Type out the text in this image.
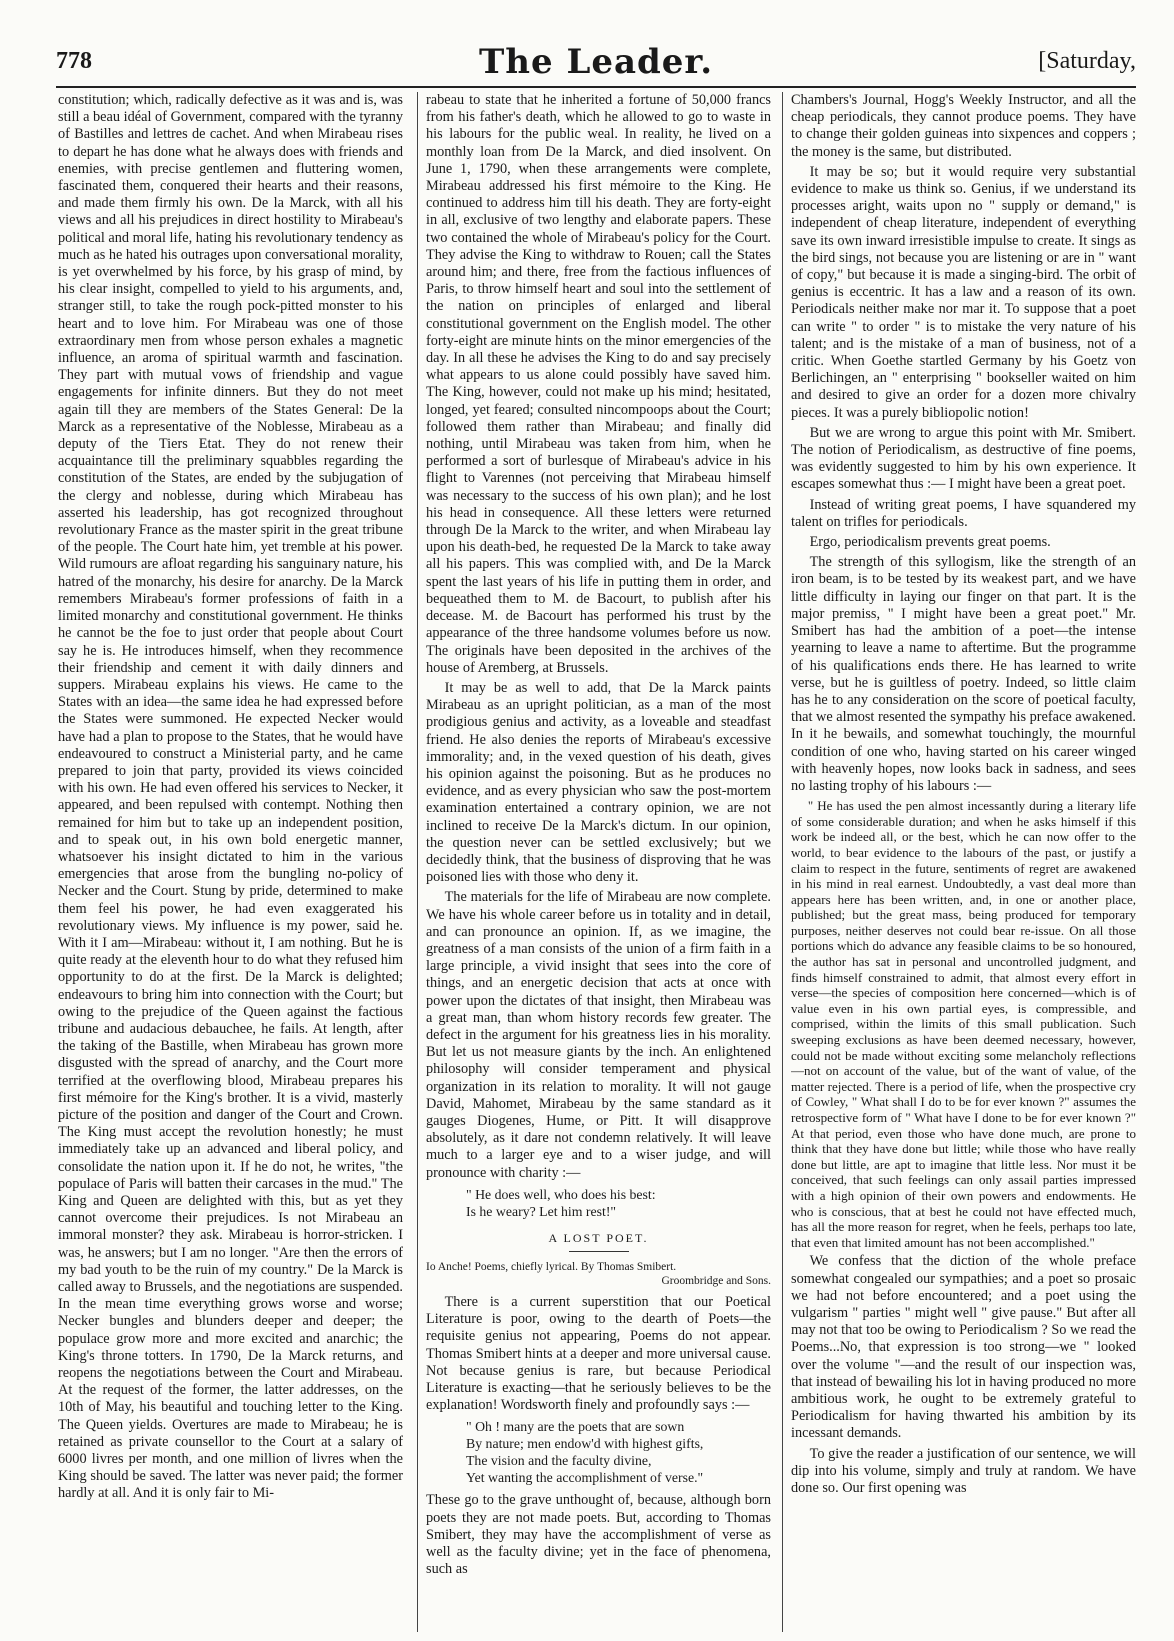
778	The Leader.	[Saturday,

constitution; which, radically defective as it was and is, was still a beau idéal of Government, compared with the tyranny of Bastilles and lettres de cachet. And when Mirabeau rises to depart he has done what he always does with friends and enemies, with precise gentlemen and fluttering women, fascinated them, conquered their hearts and their reasons, and made them firmly his own. De la Marck, with all his views and all his prejudices in direct hostility to Mirabeau's political and moral life, hating his revolutionary tendency as much as he hated his outrages upon conversational morality, is yet overwhelmed by his force, by his grasp of mind, by his clear insight, compelled to yield to his arguments, and, stranger still, to take the rough pock-pitted monster to his heart and to love him. For Mirabeau was one of those extraordinary men from whose person exhales a magnetic influence, an aroma of spiritual warmth and fascination. They part with mutual vows of friendship and vague engagements for infinite dinners. But they do not meet again till they are members of the States General: De la Marck as a representative of the Noblesse, Mirabeau as a deputy of the Tiers Etat. They do not renew their acquaintance till the preliminary squabbles regarding the constitution of the States, are ended by the subjugation of the clergy and noblesse, during which Mirabeau has asserted his leadership, has got recognized throughout revolutionary France as the master spirit in the great tribune of the people. The Court hate him, yet tremble at his power. Wild rumours are afloat regarding his sanguinary nature, his hatred of the monarchy, his desire for anarchy. De la Marck remembers Mirabeau's former professions of faith in a limited monarchy and constitutional government. He thinks he cannot be the foe to just order that people about Court say he is. He introduces himself, when they recommence their friendship and cement it with daily dinners and suppers. Mirabeau explains his views. He came to the States with an idea—the same idea he had expressed before the States were summoned. He expected Necker would have had a plan to propose to the States, that he would have endeavoured to construct a Ministerial party, and he came prepared to join that party, provided its views coincided with his own. He had even offered his services to Necker, it appeared, and been repulsed with contempt. Nothing then remained for him but to take up an independent position, and to speak out, in his own bold energetic manner, whatsoever his insight dictated to him in the various emergencies that arose from the bungling no-policy of Necker and the Court. Stung by pride, determined to make them feel his power, he had even exaggerated his revolutionary views. My influence is my power, said he. With it I am—Mirabeau: without it, I am nothing. But he is quite ready at the eleventh hour to do what they refused him opportunity to do at the first. De la Marck is delighted; endeavours to bring him into connection with the Court; but owing to the prejudice of the Queen against the factious tribune and audacious debauchee, he fails. At length, after the taking of the Bastille, when Mirabeau has grown more disgusted with the spread of anarchy, and the Court more terrified at the overflowing blood, Mirabeau prepares his first mémoire for the King's brother. It is a vivid, masterly picture of the position and danger of the Court and Crown. The King must accept the revolution honestly; he must immediately take up an advanced and liberal policy, and consolidate the nation upon it. If he do not, he writes, "the populace of Paris will batten their carcases in the mud." The King and Queen are delighted with this, but as yet they cannot overcome their prejudices. Is not Mirabeau an immoral monster? they ask. Mirabeau is horror-stricken. I was, he answers; but I am no longer. "Are then the errors of my bad youth to be the ruin of my country." De la Marck is called away to Brussels, and the negotiations are suspended. In the mean time everything grows worse and worse; Necker bungles and blunders deeper and deeper; the populace grow more and more excited and anarchic; the King's throne totters. In 1790, De la Marck returns, and reopens the negotiations between the Court and Mirabeau. At the request of the former, the latter addresses, on the 10th of May, his beautiful and touching letter to the King. The Queen yields. Overtures are made to Mirabeau; he is retained as private counsellor to the Court at a salary of 6000 livres per month, and one million of livres when the King should be saved. The latter was never paid; the former hardly at all. And it is only fair to Mi-

rabeau to state that he inherited a fortune of 50,000 francs from his father's death, which he allowed to go to waste in his labours for the public weal. In reality, he lived on a monthly loan from De la Marck, and died insolvent. On June 1, 1790, when these arrangements were complete, Mirabeau addressed his first mémoire to the King. He continued to address him till his death. They are forty-eight in all, exclusive of two lengthy and elaborate papers. These two contained the whole of Mirabeau's policy for the Court. They advise the King to withdraw to Rouen; call the States around him; and there, free from the factious influences of Paris, to throw himself heart and soul into the settlement of the nation on principles of enlarged and liberal constitutional government on the English model. The other forty-eight are minute hints on the minor emergencies of the day. In all these he advises the King to do and say precisely what appears to us alone could possibly have saved him. The King, however, could not make up his mind; hesitated, longed, yet feared; consulted nincompoops about the Court; followed them rather than Mirabeau; and finally did nothing, until Mirabeau was taken from him, when he performed a sort of burlesque of Mirabeau's advice in his flight to Varennes (not perceiving that Mirabeau himself was necessary to the success of his own plan); and he lost his head in consequence. All these letters were returned through De la Marck to the writer, and when Mirabeau lay upon his death-bed, he requested De la Marck to take away all his papers. This was complied with, and De la Marck spent the last years of his life in putting them in order, and bequeathed them to M. de Bacourt, to publish after his decease. M. de Bacourt has performed his trust by the appearance of the three handsome volumes before us now. The originals have been deposited in the archives of the house of Aremberg, at Brussels.

It may be as well to add, that De la Marck paints Mirabeau as an upright politician, as a man of the most prodigious genius and activity, as a loveable and steadfast friend. He also denies the reports of Mirabeau's excessive immorality; and, in the vexed question of his death, gives his opinion against the poisoning. But as he produces no evidence, and as every physician who saw the post-mortem examination entertained a contrary opinion, we are not inclined to receive De la Marck's dictum. In our opinion, the question never can be settled exclusively; but we decidedly think, that the business of disproving that he was poisoned lies with those who deny it.

The materials for the life of Mirabeau are now complete. We have his whole career before us in totality and in detail, and can pronounce an opinion. If, as we imagine, the greatness of a man consists of the union of a firm faith in a large principle, a vivid insight that sees into the core of things, and an energetic decision that acts at once with power upon the dictates of that insight, then Mirabeau was a great man, than whom history records few greater. The defect in the argument for his greatness lies in his morality. But let us not measure giants by the inch. An enlightened philosophy will consider temperament and physical organization in its relation to morality. It will not gauge David, Mahomet, Mirabeau by the same standard as it gauges Diogenes, Hume, or Pitt. It will disapprove absolutely, as it dare not condemn relatively. It will leave much to a larger eye and to a wiser judge, and will pronounce with charity :—

" He does well, who does his best:
Is he weary? Let him rest!"
A LOST POET.
Io Anche! Poems, chiefly lyrical. By Thomas Smibert.
Groombridge and Sons.

There is a current superstition that our Poetical Literature is poor, owing to the dearth of Poets—the requisite genius not appearing, Poems do not appear. Thomas Smibert hints at a deeper and more universal cause. Not because genius is rare, but because Periodical Literature is exacting—that he seriously believes to be the explanation! Wordsworth finely and profoundly says :—

" Oh ! many are the poets that are sown
By nature; men endow'd with highest gifts,
The vision and the faculty divine,
Yet wanting the accomplishment of verse."

These go to the grave unthought of, because, although born poets they are not made poets. But, according to Thomas Smibert, they may have the accomplishment of verse as well as the faculty divine; yet in the face of phenomena, such as

Chambers's Journal, Hogg's Weekly Instructor, and all the cheap periodicals, they cannot produce poems. They have to change their golden guineas into sixpences and coppers ; the money is the same, but distributed.

It may be so; but it would require very substantial evidence to make us think so. Genius, if we understand its processes aright, waits upon no " supply or demand," is independent of cheap literature, independent of everything save its own inward irresistible impulse to create. It sings as the bird sings, not because you are listening or are in " want of copy," but because it is made a singing-bird. The orbit of genius is eccentric. It has a law and a reason of its own. Periodicals neither make nor mar it. To suppose that a poet can write " to order " is to mistake the very nature of his talent; and is the mistake of a man of business, not of a critic. When Goethe startled Germany by his Goetz von Berlichingen, an " enterprising " bookseller waited on him and desired to give an order for a dozen more chivalry pieces. It was a purely bibliopolic notion!

But we are wrong to argue this point with Mr. Smibert. The notion of Periodicalism, as destructive of fine poems, was evidently suggested to him by his own experience. It escapes somewhat thus :— I might have been a great poet.

Instead of writing great poems, I have squandered my talent on trifles for periodicals.

Ergo, periodicalism prevents great poems.

The strength of this syllogism, like the strength of an iron beam, is to be tested by its weakest part, and we have little difficulty in laying our finger on that part. It is the major premiss, " I might have been a great poet." Mr. Smibert has had the ambition of a poet—the intense yearning to leave a name to aftertime. But the programme of his qualifications ends there. He has learned to write verse, but he is guiltless of poetry. Indeed, so little claim has he to any consideration on the score of poetical faculty, that we almost resented the sympathy his preface awakened. In it he bewails, and somewhat touchingly, the mournful condition of one who, having started on his career winged with heavenly hopes, now looks back in sadness, and sees no lasting trophy of his labours :—

" He has used the pen almost incessantly during a literary life of some considerable duration; and when he asks himself if this work be indeed all, or the best, which he can now offer to the world, to bear evidence to the labours of the past, or justify a claim to respect in the future, sentiments of regret are awakened in his mind in real earnest. Undoubtedly, a vast deal more than appears here has been written, and, in one or another place, published; but the great mass, being produced for temporary purposes, neither deserves not could bear re-issue. On all those portions which do advance any feasible claims to be so honoured, the author has sat in personal and uncontrolled judgment, and finds himself constrained to admit, that almost every effort in verse—the species of composition here concerned—which is of value even in his own partial eyes, is compressible, and comprised, within the limits of this small publication. Such sweeping exclusions as have been deemed necessary, however, could not be made without exciting some melancholy reflections—not on account of the value, but of the want of value, of the matter rejected. There is a period of life, when the prospective cry of Cowley, " What shall I do to be for ever known ?" assumes the retrospective form of " What have I done to be for ever known ?" At that period, even those who have done much, are prone to think that they have done but little; while those who have really done but little, are apt to imagine that little less. Nor must it be conceived, that such feelings can only assail parties impressed with a high opinion of their own powers and endowments. He who is conscious, that at best he could not have effected much, has all the more reason for regret, when he feels, perhaps too late, that even that limited amount has not been accomplished."

We confess that the diction of the whole preface somewhat congealed our sympathies; and a poet so prosaic we had not before encountered; and a poet using the vulgarism " parties " might well " give pause." But after all may not that too be owing to Periodicalism ? So we read the Poems...No, that expression is too strong—we " looked over the volume "—and the result of our inspection was, that instead of bewailing his lot in having produced no more ambitious work, he ought to be extremely grateful to Periodicalism for having thwarted his ambition by its incessant demands.

To give the reader a justification of our sentence, we will dip into his volume, simply and truly at random. We have done so. Our first opening was
